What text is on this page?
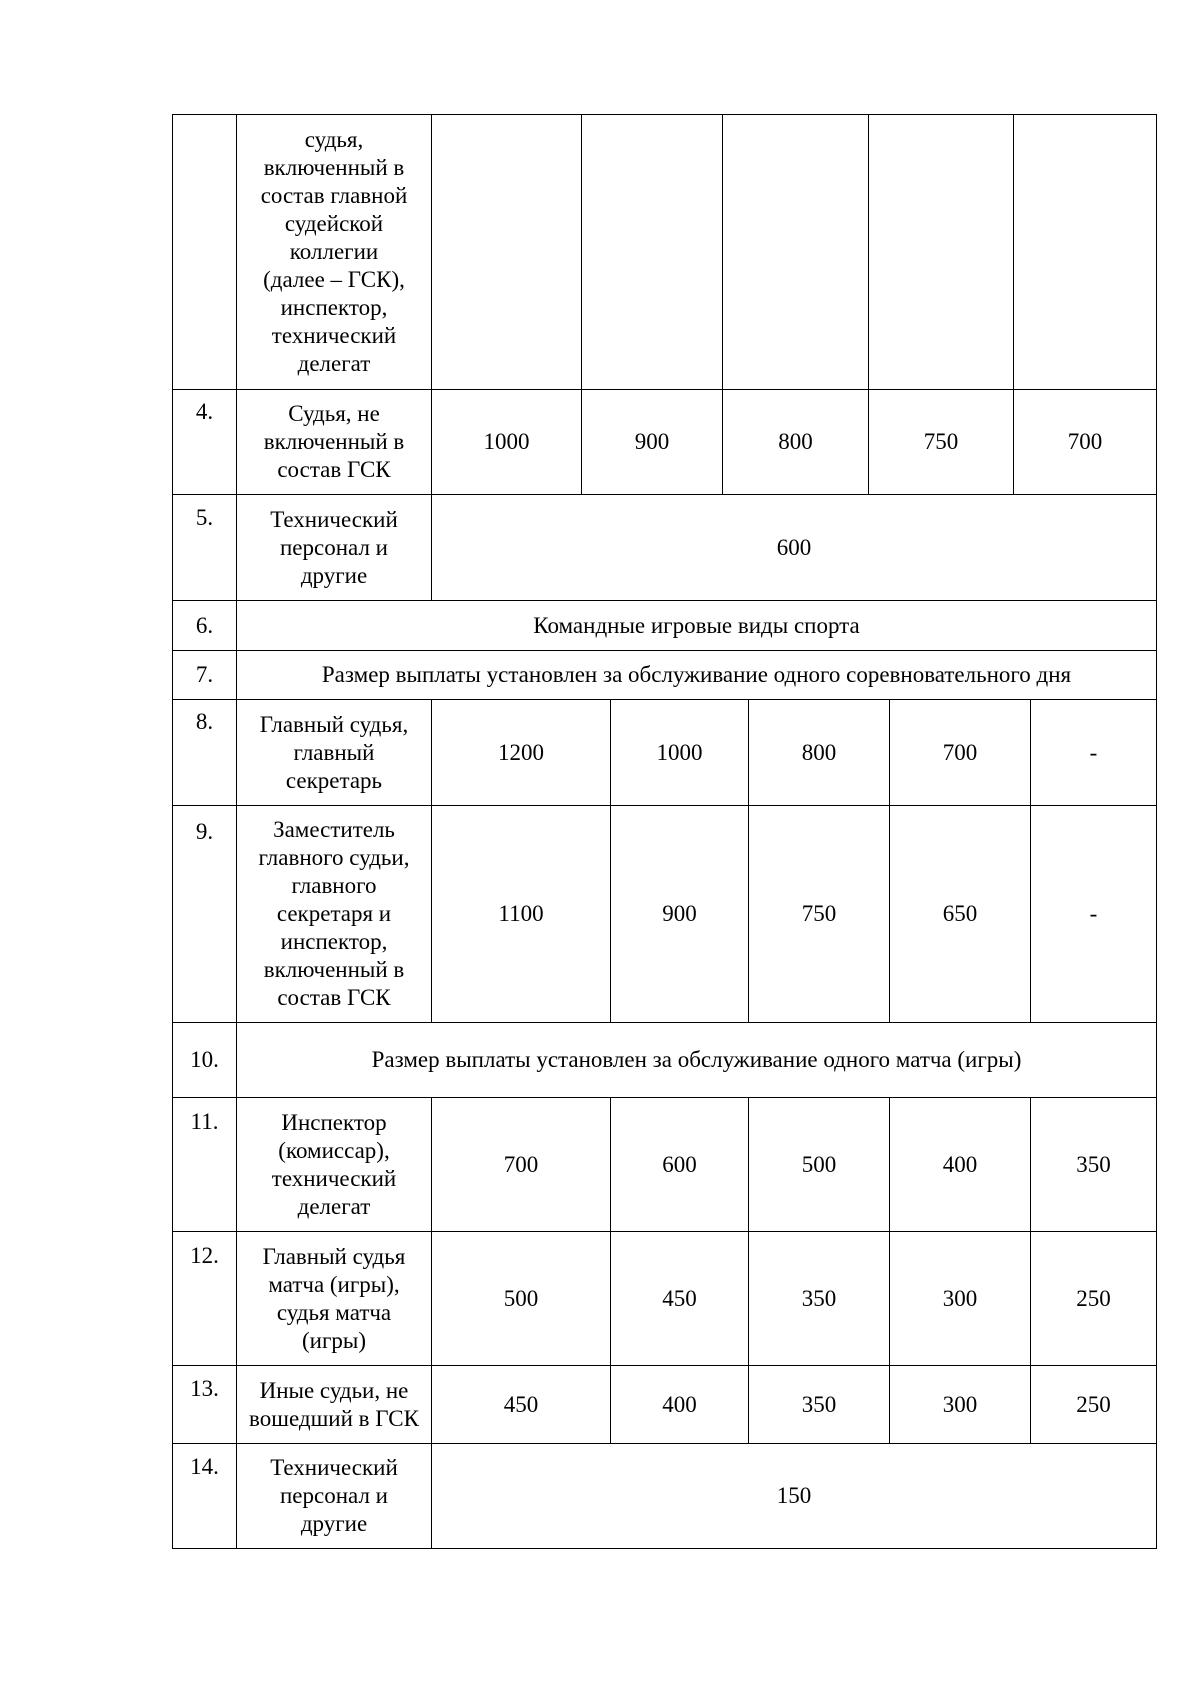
судья,
включенный в
состав главной
судейской
коллегии
(далее – ГСК),
инспектор,
технический
делегат
4.	Судья, не
включенный в
состав ГСК
1000	900	800	750	700
5.	Технический
персонал и
другие
600
6.	Командные игровые виды спорта
7.	Размер выплаты установлен за обслуживание одного соревновательного дня
8.	Главный судья,
главный
секретарь
1200	1000	800	700	-
9.	Заместитель
главного судьи,
главного
секретаря и
инспектор,
включенный в
состав ГСК
1100	900	750	650	-
10.	Размер выплаты установлен за обслуживание одного матча (игры)
11.	Инспектор
(комиссар),
технический
делегат
700	600	500	400	350
12.	Главный судья
матча (игры),
судья матча
(игры)
500	450	350	300	250
13.	Иные судьи, не
вошедший в ГСК
450	400	350	300	250
14.	Технический
персонал и
другие
150
